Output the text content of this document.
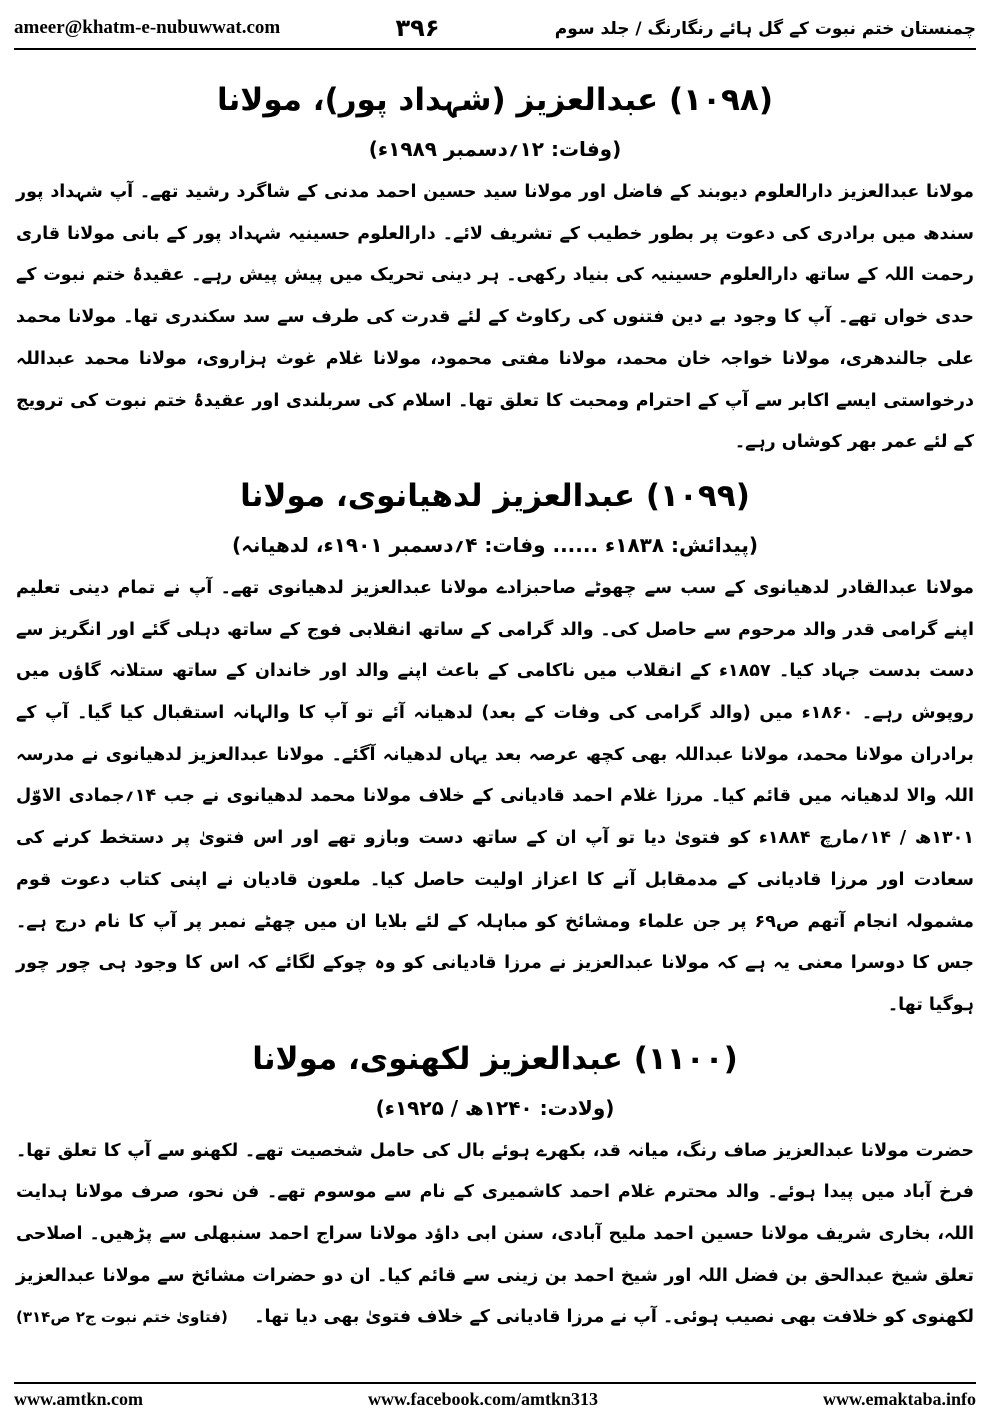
ameer@khatm-e-nubuwwat.com	۳۹۶	چمنستان ختم نبوت کے گل ہائے رنگارنگ / جلد سوم
(۱۰۹۸) عبدالعزیز (شہداد پور)، مولانا
(وفات: ۱۲؍دسمبر ۱۹۸۹ء)

مولانا عبدالعزیز دارالعلوم دیوبند کے فاضل اور مولانا سید حسین احمد مدنی کے شاگرد رشید تھے۔ آپ شہداد پور سندھ میں برادری کی دعوت پر بطور خطیب کے تشریف لائے۔ دارالعلوم حسینیہ شہداد پور کے بانی مولانا قاری رحمت اللہ کے ساتھ دارالعلوم حسینیہ کی بنیاد رکھی۔ ہر دینی تحریک میں پیش پیش رہے۔ عقیدۂ ختم نبوت کے حدی خواں تھے۔ آپ کا وجود بے دین فتنوں کی رکاوٹ کے لئے قدرت کی طرف سے سد سکندری تھا۔ مولانا محمد علی جالندھری، مولانا خواجہ خان محمد، مولانا مفتی محمود، مولانا غلام غوث ہزاروی، مولانا محمد عبداللہ درخواستی ایسے اکابر سے آپ کے احترام ومحبت کا تعلق تھا۔ اسلام کی سربلندی اور عقیدۂ ختم نبوت کی ترویج کے لئے عمر بھر کوشاں رہے۔

(۱۰۹۹) عبدالعزیز لدھیانوی، مولانا
(پیدائش: ۱۸۳۸ء ...... وفات: ۴؍دسمبر ۱۹۰۱ء، لدھیانہ)

مولانا عبدالقادر لدھیانوی کے سب سے چھوٹے صاحبزادے مولانا عبدالعزیز لدھیانوی تھے۔ آپ نے تمام دینی تعلیم اپنے گرامی قدر والد مرحوم سے حاصل کی۔ والد گرامی کے ساتھ انقلابی فوج کے ساتھ دہلی گئے اور انگریز سے دست بدست جہاد کیا۔ ۱۸۵۷ء کے انقلاب میں ناکامی کے باعث اپنے والد اور خاندان کے ساتھ ستلانہ گاؤں میں روپوش رہے۔ ۱۸۶۰ء میں (والد گرامی کی وفات کے بعد) لدھیانہ آئے تو آپ کا والہانہ استقبال کیا گیا۔ آپ کے برادران مولانا محمد، مولانا عبداللہ بھی کچھ عرصہ بعد یہاں لدھیانہ آگئے۔ مولانا عبدالعزیز لدھیانوی نے مدرسہ اللہ والا لدھیانہ میں قائم کیا۔ مرزا غلام احمد قادیانی کے خلاف مولانا محمد لدھیانوی نے جب ۱۴؍جمادی الاوّل ۱۳۰۱ھ / ۱۴؍مارچ ۱۸۸۴ء کو فتویٰ دیا تو آپ ان کے ساتھ دست وبازو تھے اور اس فتویٰ پر دستخط کرنے کی سعادت اور مرزا قادیانی کے مدمقابل آنے کا اعزاز اولیت حاصل کیا۔ ملعون قادیان نے اپنی کتاب دعوت قوم مشمولہ انجام آتھم ص۶۹ پر جن علماء ومشائخ کو مباہلہ کے لئے بلایا ان میں چھٹے نمبر پر آپ کا نام درج ہے۔ جس کا دوسرا معنی یہ ہے کہ مولانا عبدالعزیز نے مرزا قادیانی کو وہ چوکے لگائے کہ اس کا وجود ہی چور چور ہوگیا تھا۔

(۱۱۰۰) عبدالعزیز لکھنوی، مولانا
(ولادت: ۱۲۴۰ھ / ۱۹۲۵ء)

حضرت مولانا عبدالعزیز صاف رنگ، میانہ قد، بکھرے ہوئے بال کی حامل شخصیت تھے۔ لکھنو سے آپ کا تعلق تھا۔ فرخ آباد میں پیدا ہوئے۔ والد محترم غلام احمد کاشمیری کے نام سے موسوم تھے۔ فن نحو، صرف مولانا ہدایت اللہ، بخاری شریف مولانا حسین احمد ملیح آبادی، سنن ابی داؤد مولانا سراج احمد سنبھلی سے پڑھیں۔ اصلاحی تعلق شیخ عبدالحق بن فضل اللہ اور شیخ احمد بن زینی سے قائم کیا۔ ان دو حضرات مشائخ سے مولانا عبدالعزیز لکھنوی کو خلافت بھی نصیب ہوئی۔ آپ نے مرزا قادیانی کے خلاف فتویٰ بھی دیا تھا۔
(فتاویٰ ختم نبوت ج۲ ص۳۱۴)

www.amtkn.com	www.facebook.com/amtkn313	www.emaktaba.info
